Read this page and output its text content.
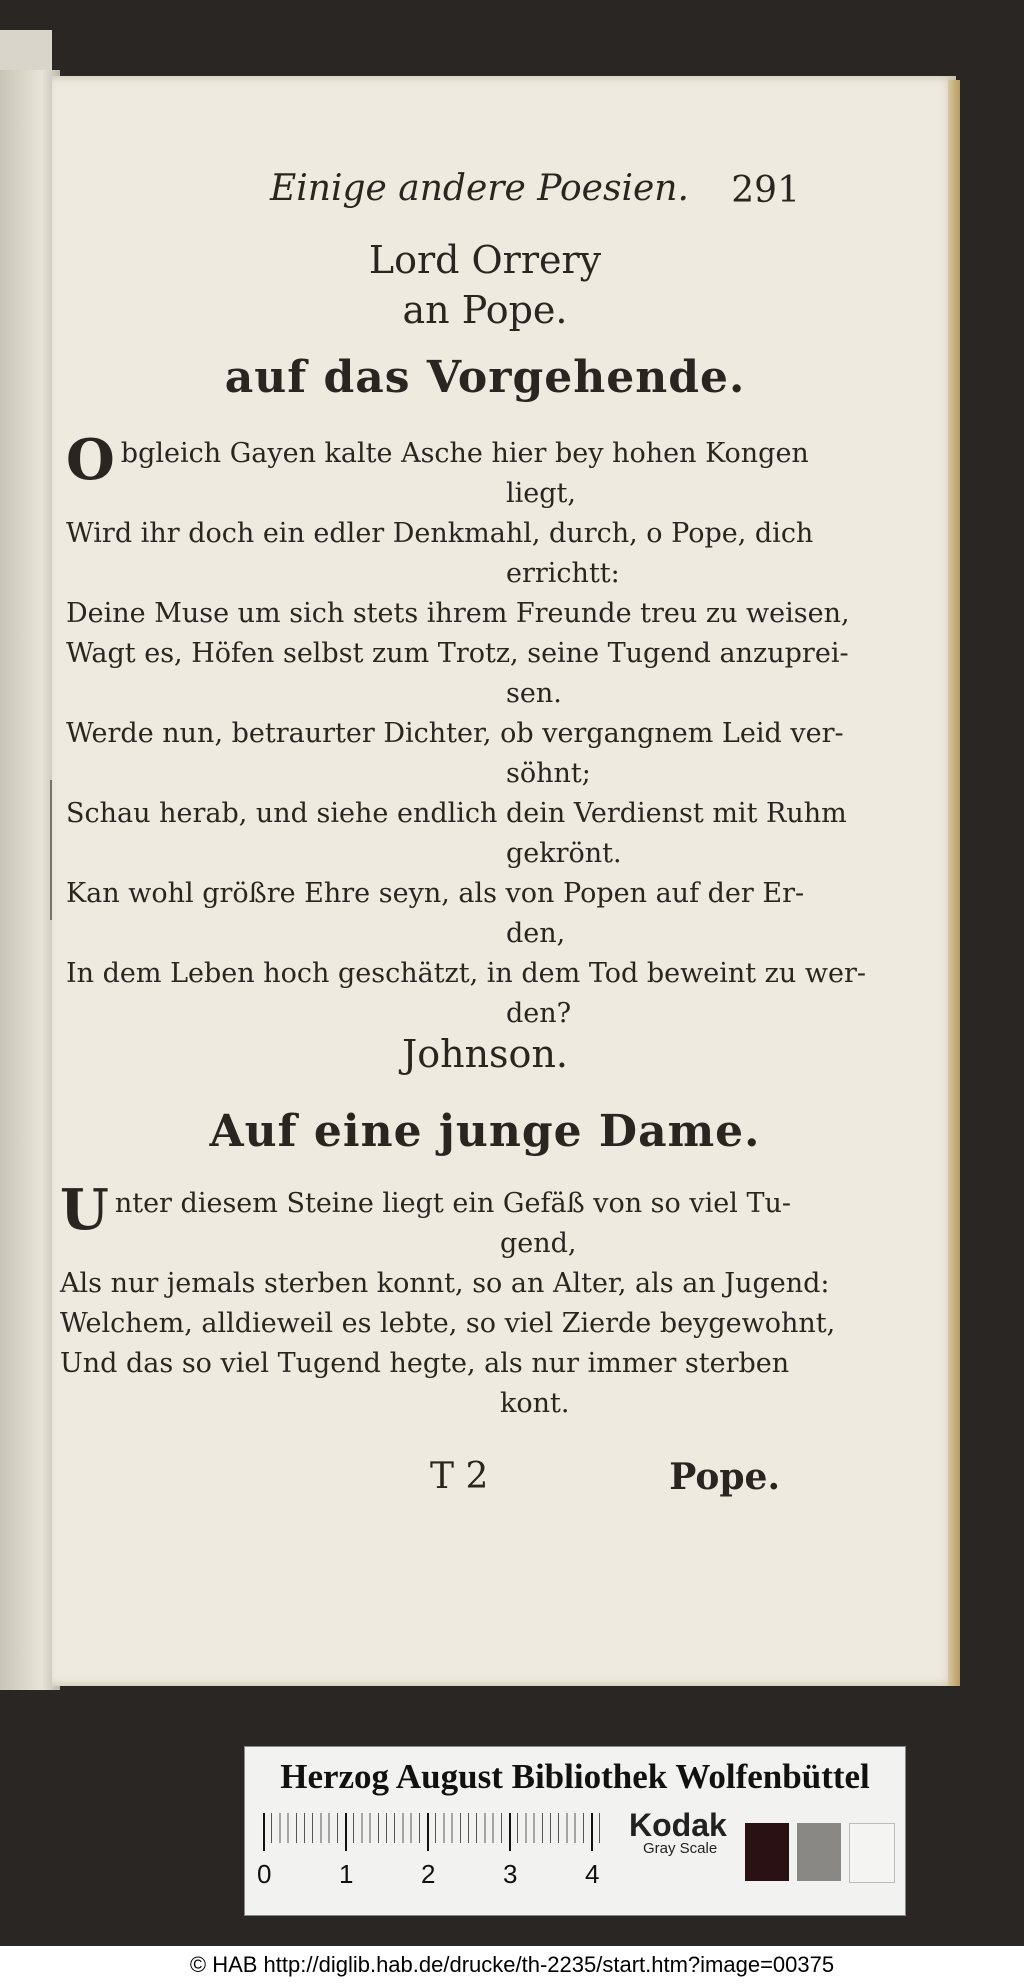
Einige andere Poesien. 291
Lord Orrery
an Pope.
auf das Vorgehende.
Obgleich Gayen kalte Asche hier bey hohen Kongen
liegt,
Wird ihr doch ein edler Denkmahl, durch, o Pope, dich
errichtt:
Deine Muse um sich stets ihrem Freunde treu zu weisen,
Wagt es, Höfen selbst zum Trotz, seine Tugend anzuprei-
sen.
Werde nun, betraurter Dichter, ob vergangnem Leid ver-
söhnt;
Schau herab, und siehe endlich dein Verdienst mit Ruhm
gekrönt.
Kan wohl größre Ehre seyn, als von Popen auf der Er-
den,
In dem Leben hoch geschätzt, in dem Tod beweint zu wer-
den?
Johnson.
Auf eine junge Dame.
Unter diesem Steine liegt ein Gefäß von so viel Tu-
gend,
Als nur jemals sterben konnt, so an Alter, als an Jugend:
Welchem, alldieweil es lebte, so viel Zierde beygewohnt,
Und das so viel Tugend hegte, als nur immer sterben
kont.
T 2	Pope.
Herzog August Bibliothek Wolfenbüttel
0	1	2	3	4
Kodak
Gray Scale
© HAB http://diglib.hab.de/drucke/th-2235/start.htm?image=00375
